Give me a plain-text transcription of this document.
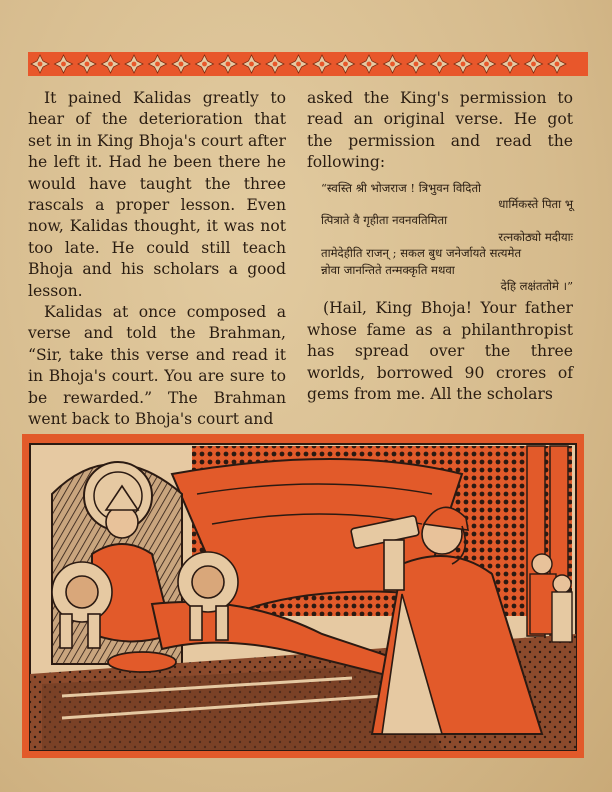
It pained Kalidas greatly to hear of the deterioration that set in in King Bhoja's court after he left it. Had he been there he would have taught the three rascals a proper lesson. Even now, Kalidas thought, it was not too late. He could still teach Bhoja and his scholars a good lesson.

Kalidas at once composed a verse and told the Brahman, “Sir, take this verse and read it in Bhoja's court. You are sure to be rewarded.” The Brahman went back to Bhoja's court and

asked the King's permission to read an original verse. He got the permission and read the following:

“स्वस्ति श्री भोजराज ! त्रिभुवन विदितो
धार्मिकस्ते पिता भू
त्पित्राते वै गृहीता नवनवतिमिता
रत्नकोठ्यो मदीयाः
तामेदेहीति राजन् ; सकल बुध जनेर्जायते सत्यमेत
न्नोवा जानन्तिते तन्मक्कृति मथवा
देहि लक्षंततोमे ।”

(Hail, King Bhoja! Your father whose fame as a philanthropist has spread over the three worlds, borrowed 90 crores of gems from me. All the scholars
